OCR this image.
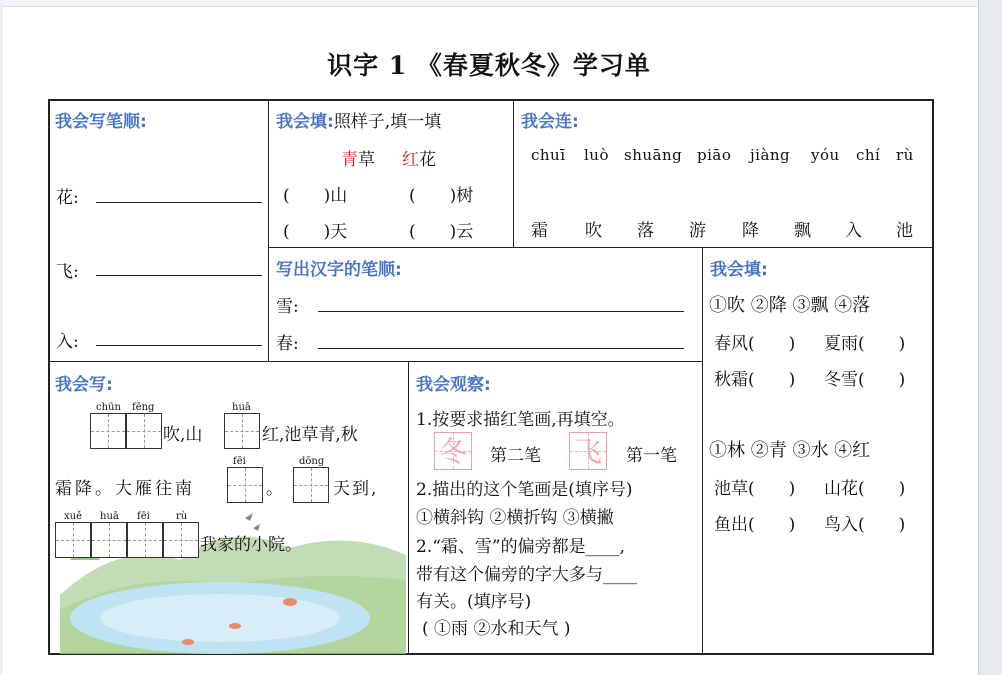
识字 1 《春夏秋冬》学习单
我会写笔顺:
花:
飞:
入:
我会填:照样子,填一填
青草 红花
(　　)山	(　　)树
(　　)天	(　　)云
我会连:
chuī luò shuāng piāo jiàng yóu chí rù
霜 吹 落 游 降 飘 入 池
写出汉字的笔顺:
雪:
春:
我会填:
①吹 ②降 ③飘 ④落
春风(　　) 夏雨(　　)
秋霜(　　) 冬雪(　　)
①林 ②青 ③水 ④红
池草(　　) 山花(　　)
鱼出(　　) 鸟入(　　)
我会写:
chūn fēng
吹,山
huā
红,池草青,秋
霜降。大雁往南
fēi
。
dōng
天到,
xuě huā fēi	rù
我家的小院。
我会观察:
1.按要求描红笔画,再填空。
冬 第二笔 飞 第一笔
2.描出的这个笔画是(填序号)
①横斜钩 ②横折钩 ③横撇
2.“霜、雪”的偏旁都是____,
带有这个偏旁的字大多与____
有关。(填序号)
( ①雨 ②水和天气 )
